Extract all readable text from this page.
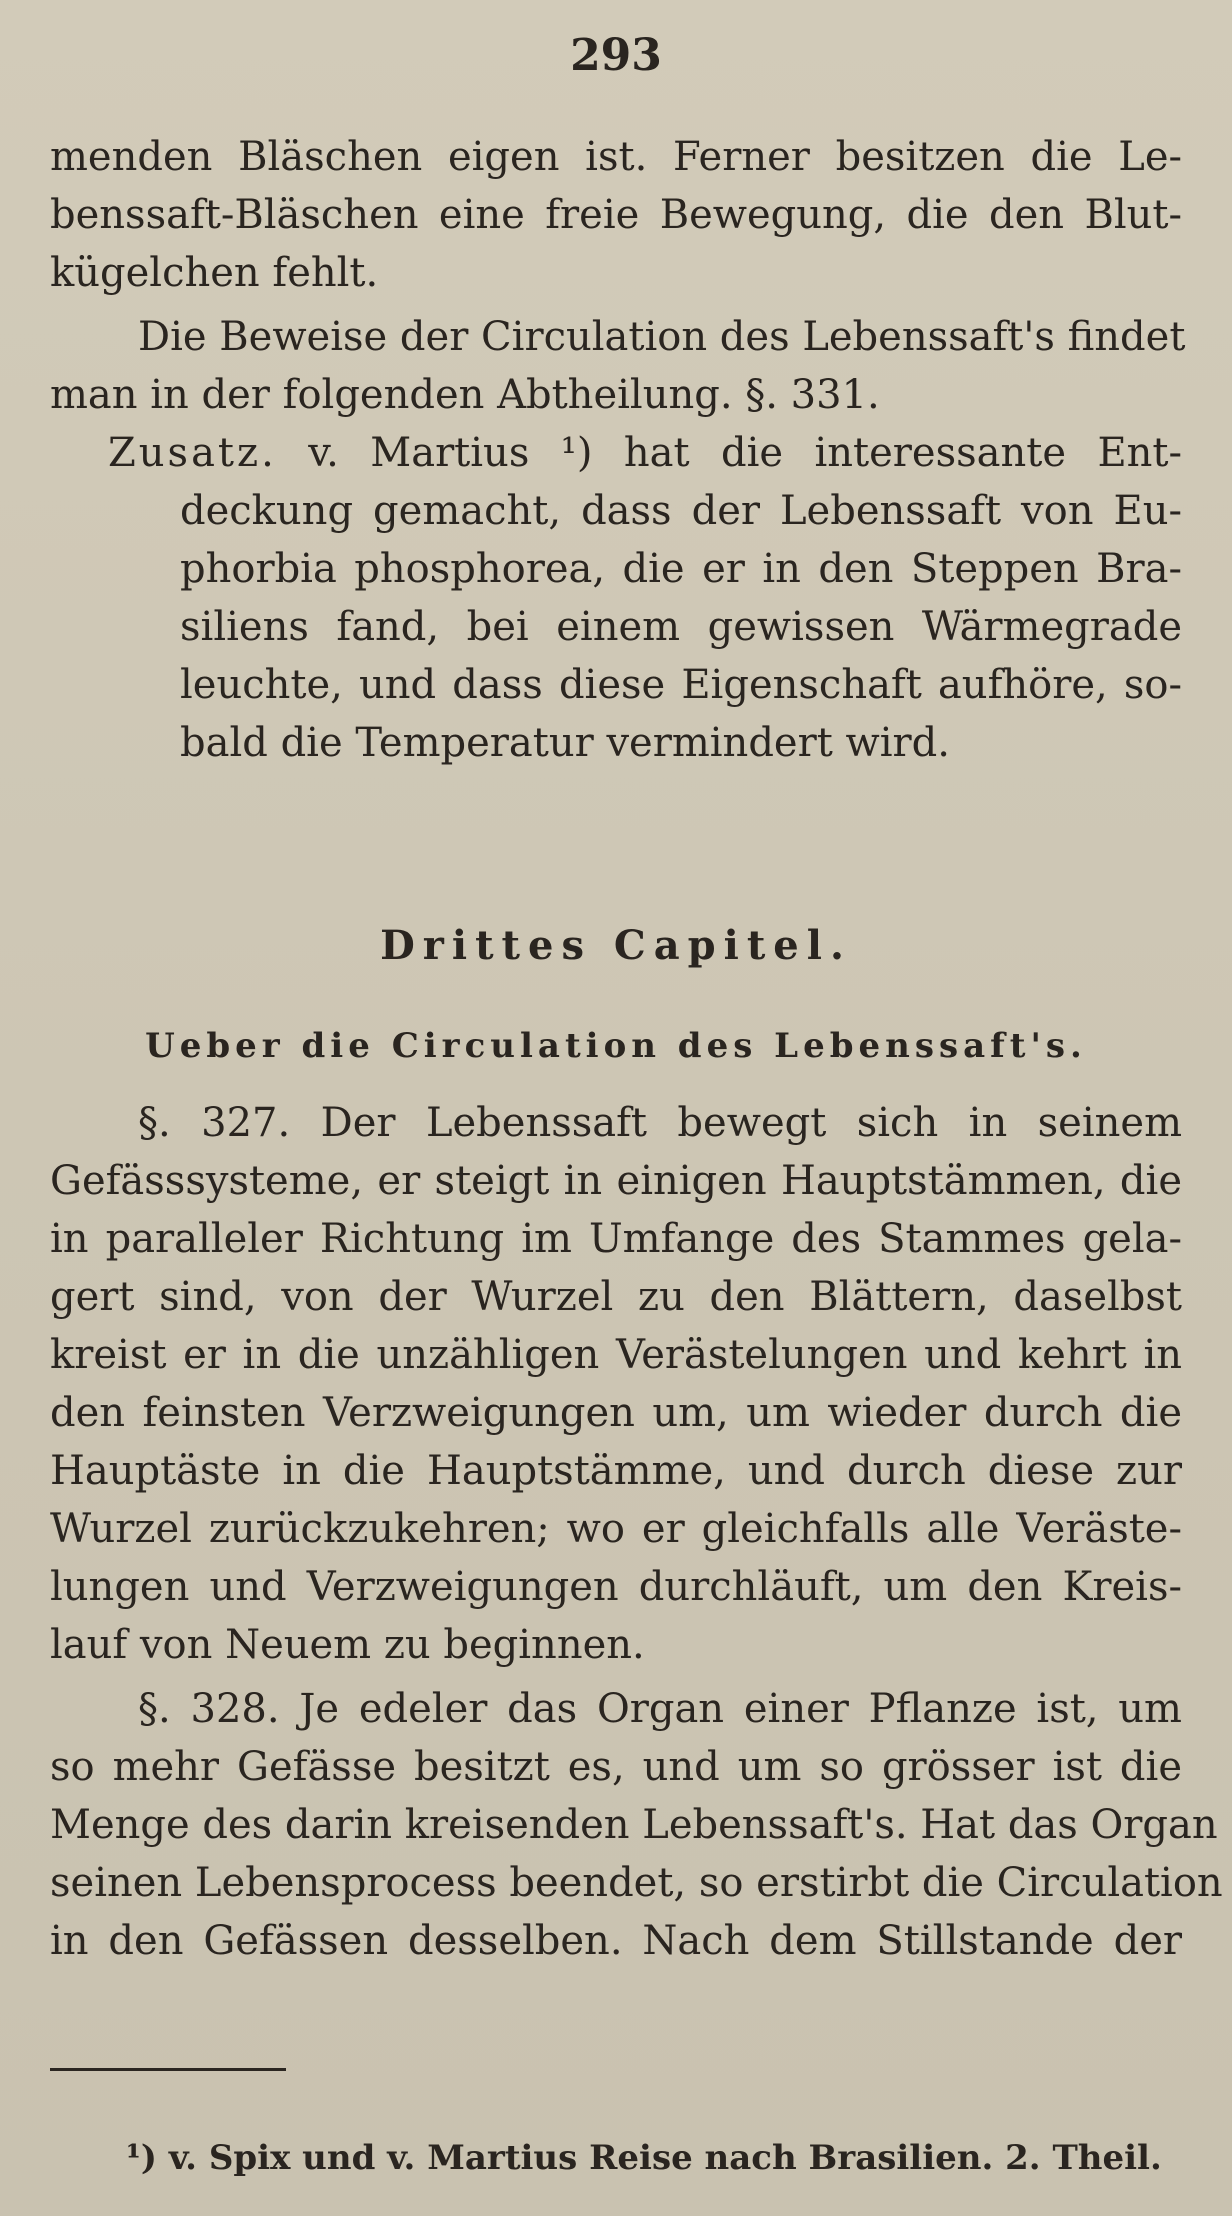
293
menden Bläschen eigen ist. Ferner besitzen die Le-
benssaft-Bläschen eine freie Bewegung, die den Blut-
kügelchen fehlt.
Die Beweise der Circulation des Lebenssaft's findet
man in der folgenden Abtheilung. §. 331.
Zusatz. v. Martius ¹) hat die interessante Ent-
deckung gemacht, dass der Lebenssaft von Eu-
phorbia phosphorea, die er in den Steppen Bra-
siliens fand, bei einem gewissen Wärmegrade
leuchte, und dass diese Eigenschaft aufhöre, so-
bald die Temperatur vermindert wird.
Drittes Capitel.
Ueber die Circulation des Lebenssaft's.
§. 327. Der Lebenssaft bewegt sich in seinem
Gefässsysteme, er steigt in einigen Hauptstämmen, die
in paralleler Richtung im Umfange des Stammes gela-
gert sind, von der Wurzel zu den Blättern, daselbst
kreist er in die unzähligen Verästelungen und kehrt in
den feinsten Verzweigungen um, um wieder durch die
Hauptäste in die Hauptstämme, und durch diese zur
Wurzel zurückzukehren; wo er gleichfalls alle Veräste-
lungen und Verzweigungen durchläuft, um den Kreis-
lauf von Neuem zu beginnen.
§. 328. Je edeler das Organ einer Pflanze ist, um
so mehr Gefässe besitzt es, und um so grösser ist die
Menge des darin kreisenden Lebenssaft's. Hat das Organ
seinen Lebensprocess beendet, so erstirbt die Circulation
in den Gefässen desselben. Nach dem Stillstande der
¹) v. Spix und v. Martius Reise nach Brasilien. 2. Theil.
